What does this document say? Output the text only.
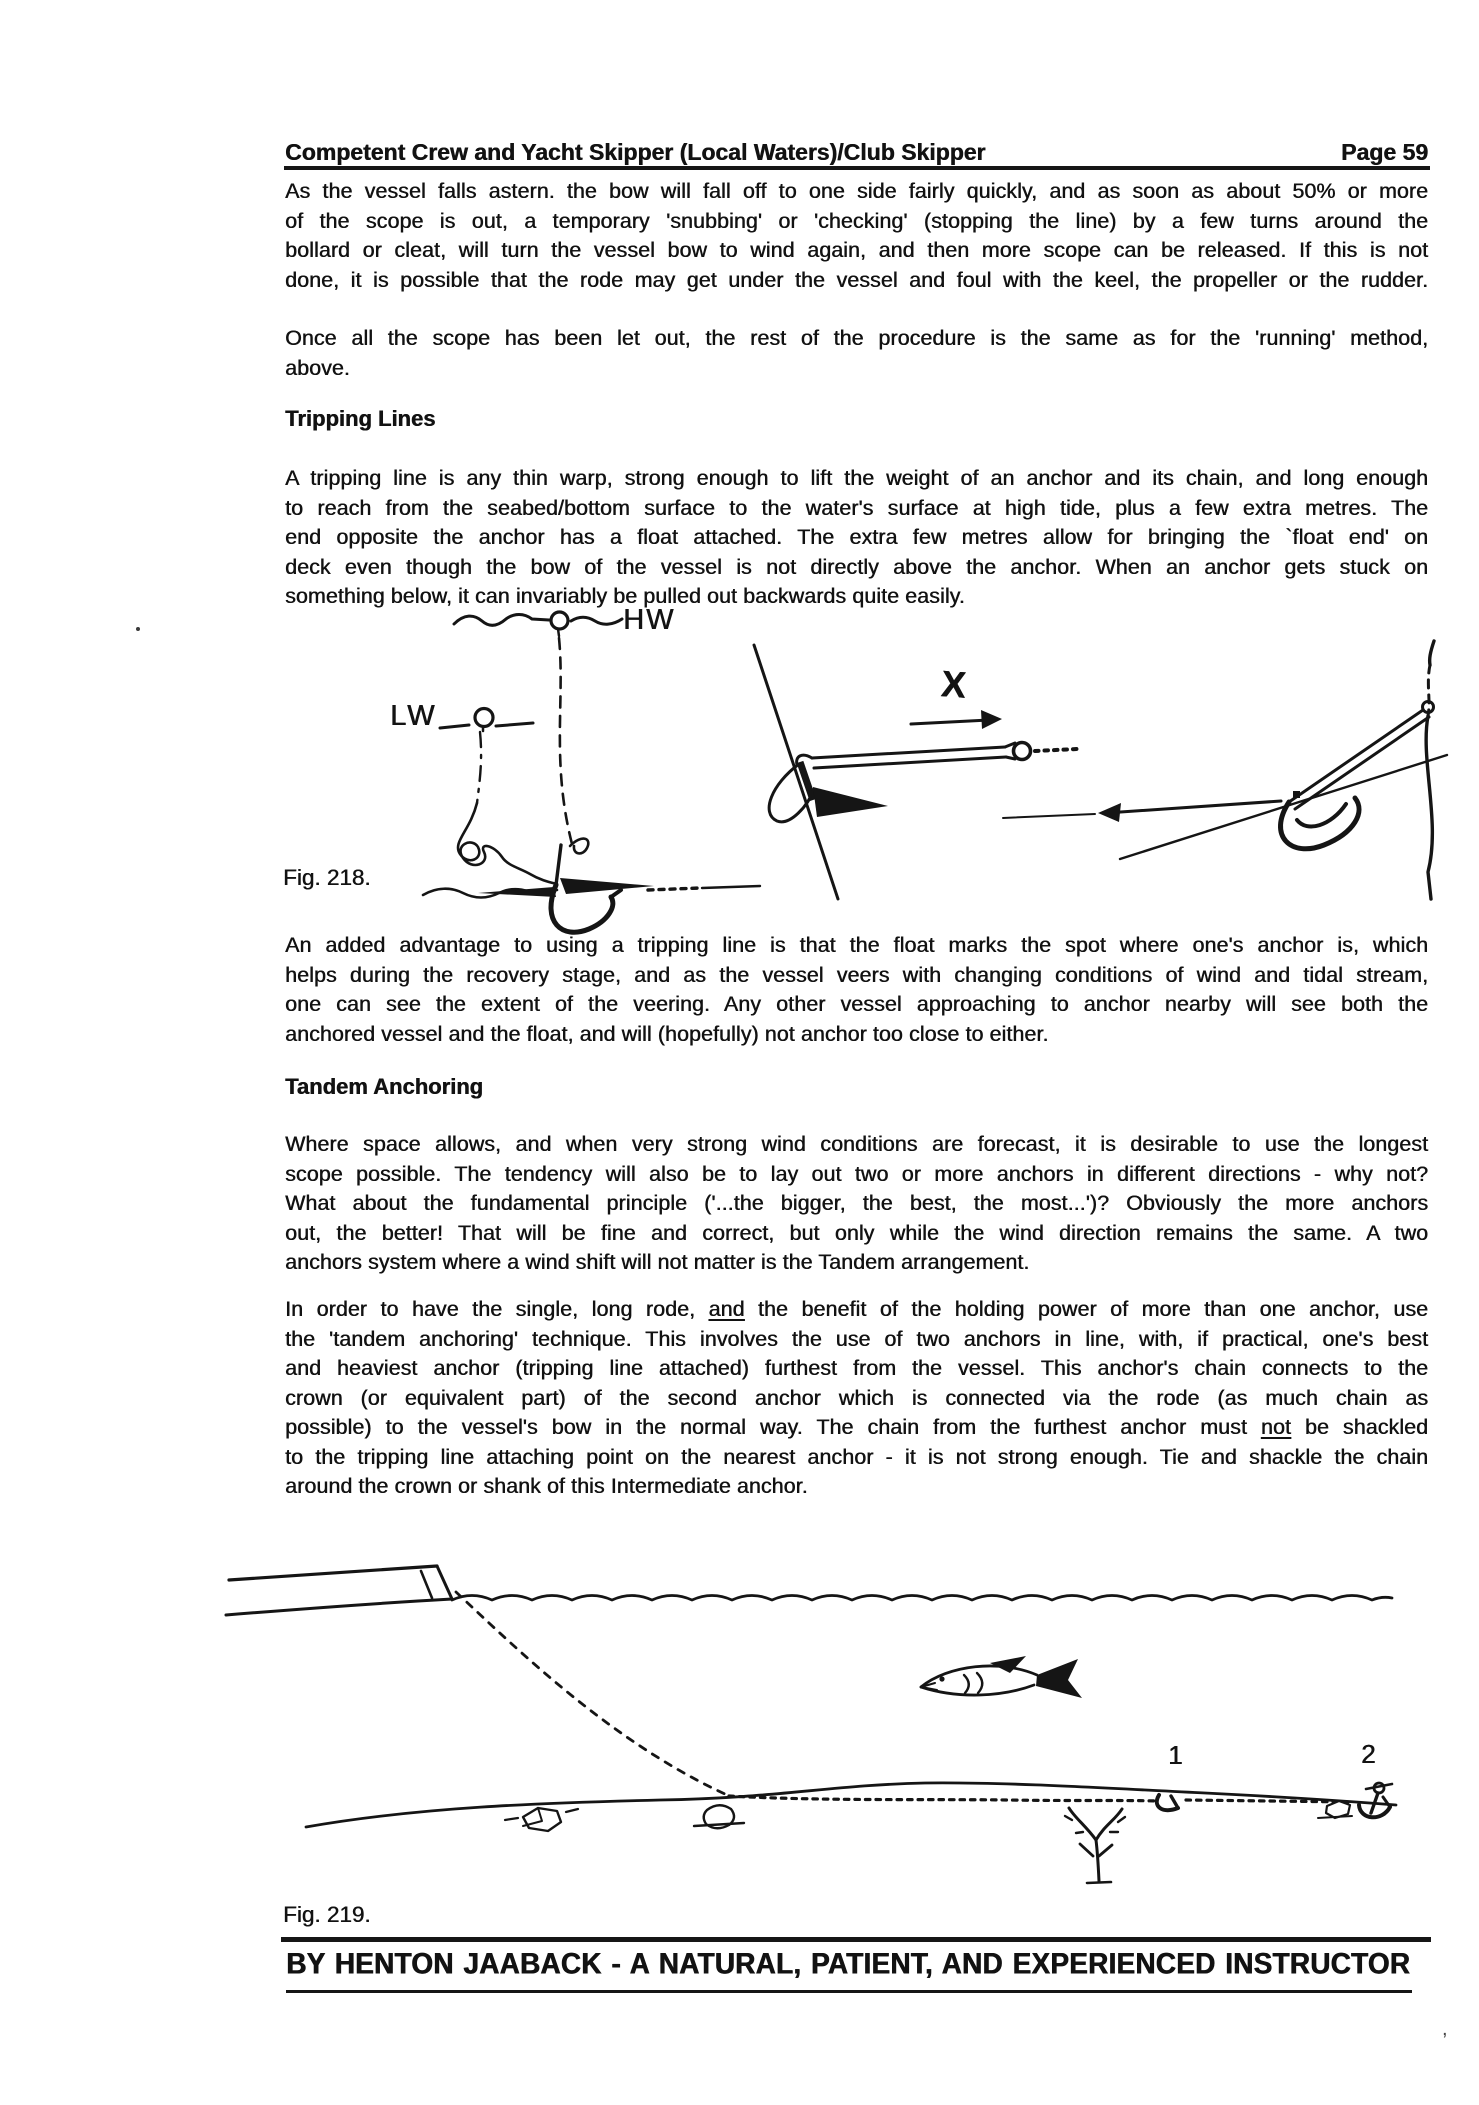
Competent Crew and Yacht Skipper (Local Waters)/Club Skipper	Page 59
As the vessel falls astern. the bow will fall off to one side fairly quickly, and as soon as about 50% or more
of the scope is out, a temporary 'snubbing' or 'checking' (stopping the line) by a few turns around the
bollard or cleat, will turn the vessel bow to wind again, and then more scope can be released. If this is not
done, it is possible that the rode may get under the vessel and foul with the keel, the propeller or the rudder.
Once all the scope has been let out, the rest of the procedure is the same as for the 'running' method,
above.
Tripping Lines
A tripping line is any thin warp, strong enough to lift the weight of an anchor and its chain, and long enough
to reach from the seabed/bottom surface to the water's surface at high tide, plus a few extra metres. The
end opposite the anchor has a float attached. The extra few metres allow for bringing the `float end' on
deck even though the bow of the vessel is not directly above the anchor. When an anchor gets stuck on
something below, it can invariably be pulled out backwards quite easily.
An added advantage to using a tripping line is that the float marks the spot where one's anchor is, which
helps during the recovery stage, and as the vessel veers with changing conditions of wind and tidal stream,
one can see the extent of the veering. Any other vessel approaching to anchor nearby will see both the
anchored vessel and the float, and will (hopefully) not anchor too close to either.
Tandem Anchoring
Where space allows, and when very strong wind conditions are forecast, it is desirable to use the longest
scope possible. The tendency will also be to lay out two or more anchors in different directions - why not?
What about the fundamental principle ('...the bigger, the best, the most...')? Obviously the more anchors
out, the better! That will be fine and correct, but only while the wind direction remains the same. A two
anchors system where a wind shift will not matter is the Tandem arrangement.
In order to have the single, long rode, and the benefit of the holding power of more than one anchor, use
the 'tandem anchoring' technique. This involves the use of two anchors in line, with, if practical, one's best
and heaviest anchor (tripping line attached) furthest from the vessel. This anchor's chain connects to the
crown (or equivalent part) of the second anchor which is connected via the rode (as much chain as
possible) to the vessel's bow in the normal way. The chain from the furthest anchor must not be shackled
to the tripping line attaching point on the nearest anchor - it is not strong enough. Tie and shackle the chain
around the crown or shank of this Intermediate anchor.
HW
LW
X
Fig. 218.
1	2
Fig. 219.
BY HENTON JAABACK - A NATURAL, PATIENT, AND EXPERIENCED INSTRUCTOR
,
